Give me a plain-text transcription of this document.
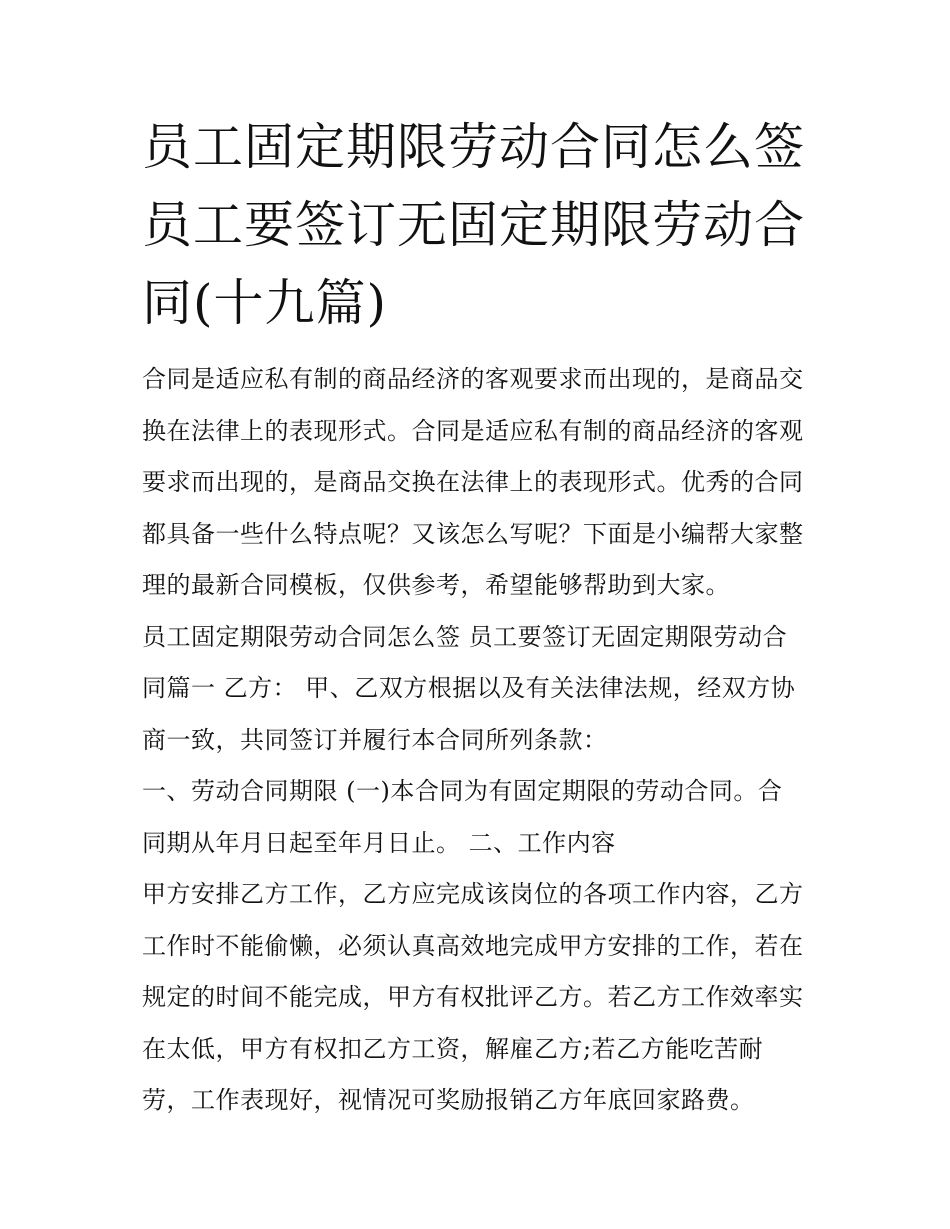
员工固定期限劳动合同怎么签
员工要签订无固定期限劳动合
同(十九篇)
合同是适应私有制的商品经济的客观要求而出现的，是商品交
换在法律上的表现形式。合同是适应私有制的商品经济的客观
要求而出现的，是商品交换在法律上的表现形式。优秀的合同
都具备一些什么特点呢？又该怎么写呢？下面是小编帮大家整
理的最新合同模板，仅供参考，希望能够帮助到大家。
员工固定期限劳动合同怎么签 员工要签订无固定期限劳动合
同篇一 乙方： 甲、乙双方根据以及有关法律法规，经双方协
商一致，共同签订并履行本合同所列条款：
一、劳动合同期限 (一)本合同为有固定期限的劳动合同。合
同期从年月日起至年月日止。 二、工作内容
甲方安排乙方工作，乙方应完成该岗位的各项工作内容，乙方
工作时不能偷懒，必须认真高效地完成甲方安排的工作，若在
规定的时间不能完成，甲方有权批评乙方。若乙方工作效率实
在太低，甲方有权扣乙方工资，解雇乙方;若乙方能吃苦耐
劳，工作表现好，视情况可奖励报销乙方年底回家路费。
